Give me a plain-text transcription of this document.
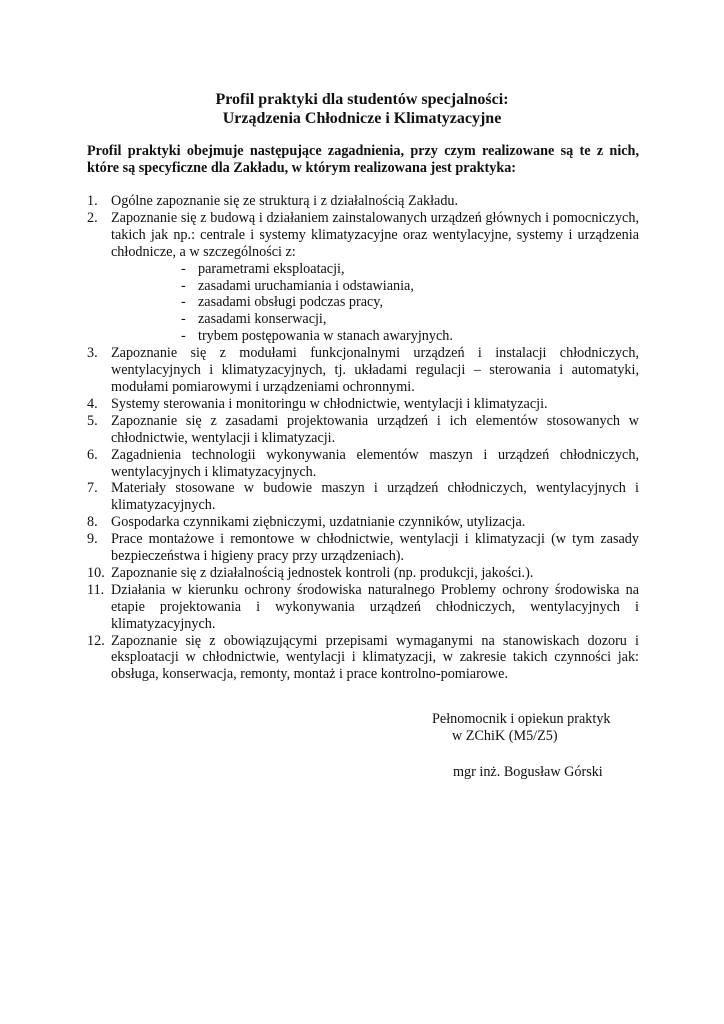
Profil praktyki dla studentów specjalności:
Urządzenia Chłodnicze i Klimatyzacyjne
Profil praktyki obejmuje następujące zagadnienia, przy czym realizowane są te z nich, które są specyficzne dla Zakładu, w którym realizowana jest praktyka:
1. Ogólne zapoznanie się ze strukturą i z działalnością Zakładu.
2. Zapoznanie się z budową i działaniem zainstalowanych urządzeń głównych i pomocniczych, takich jak np.: centrale i systemy klimatyzacyjne oraz wentylacyjne, systemy i urządzenia chłodnicze, a w szczególności z:
- parametrami eksploatacji,
- zasadami uruchamiania i odstawiania,
- zasadami obsługi podczas pracy,
- zasadami konserwacji,
- trybem postępowania w stanach awaryjnych.
3. Zapoznanie się z modułami funkcjonalnymi urządzeń i instalacji chłodniczych, wentylacyjnych i klimatyzacyjnych, tj. układami regulacji – sterowania i automatyki, modułami pomiarowymi i urządzeniami ochronnymi.
4. Systemy sterowania i monitoringu w chłodnictwie, wentylacji i klimatyzacji.
5. Zapoznanie się z zasadami projektowania urządzeń i ich elementów stosowanych w chłodnictwie, wentylacji i klimatyzacji.
6. Zagadnienia technologii wykonywania elementów maszyn i urządzeń chłodniczych, wentylacyjnych i klimatyzacyjnych.
7. Materiały stosowane w budowie maszyn i urządzeń chłodniczych, wentylacyjnych i klimatyzacyjnych.
8. Gospodarka czynnikami ziębniczymi, uzdatnianie czynników, utylizacja.
9. Prace montażowe i remontowe w chłodnictwie, wentylacji i klimatyzacji (w tym zasady bezpieczeństwa i higieny pracy przy urządzeniach).
10. Zapoznanie się z działalnością jednostek kontroli (np. produkcji, jakości.).
11. Działania w kierunku ochrony środowiska naturalnego Problemy ochrony środowiska na etapie projektowania i wykonywania urządzeń chłodniczych, wentylacyjnych i klimatyzacyjnych.
12. Zapoznanie się z obowiązującymi przepisami wymaganymi na stanowiskach dozoru i eksploatacji w chłodnictwie, wentylacji i klimatyzacji, w zakresie takich czynności jak: obsługa, konserwacja, remonty, montaż i prace kontrolno-pomiarowe.
Pełnomocnik i opiekun praktyk
w ZChiK (M5/Z5)
mgr inż. Bogusław Górski
